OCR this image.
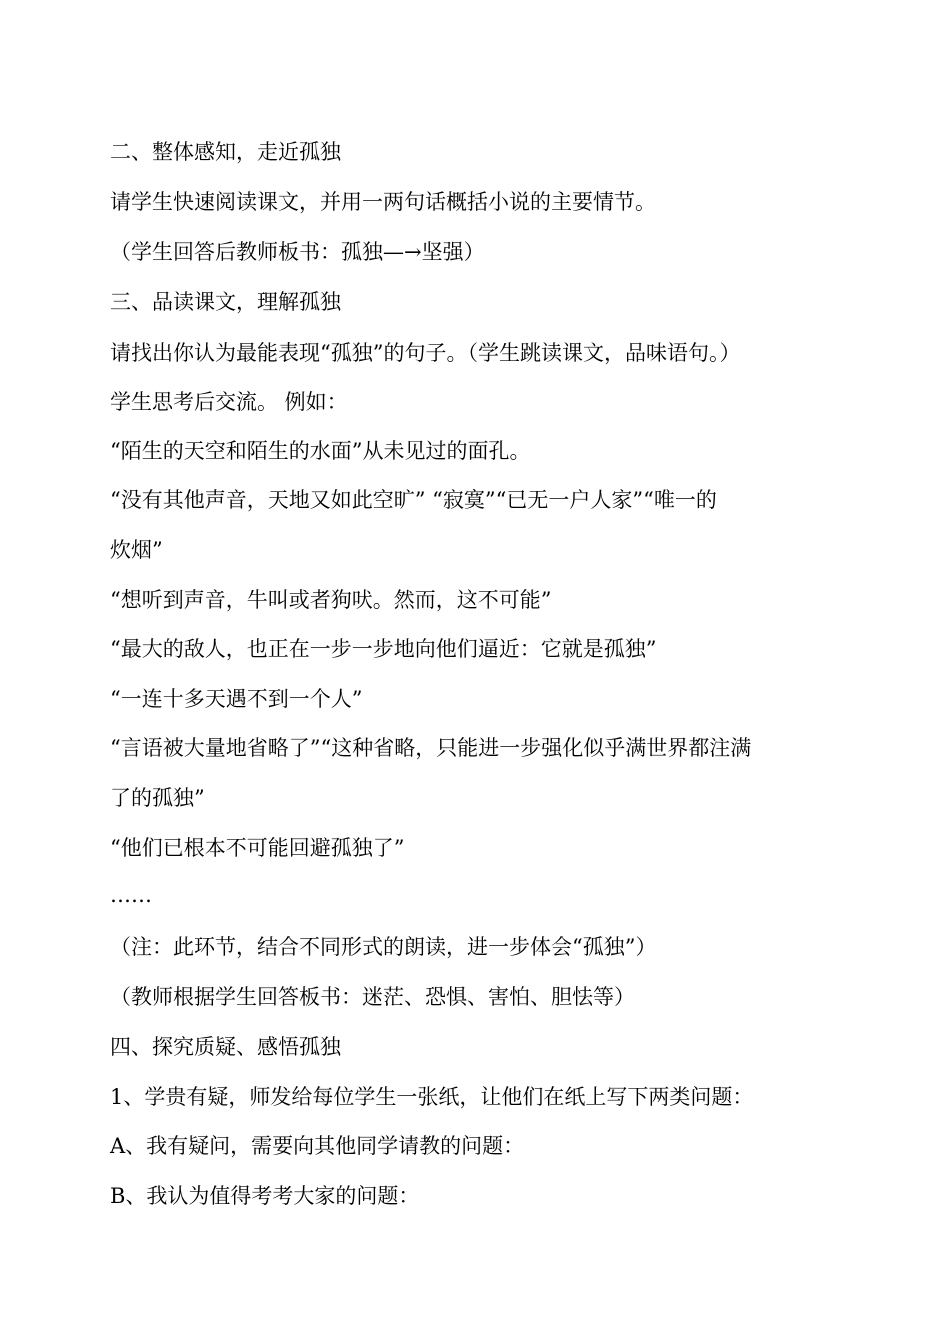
二、整体感知，走近孤独
请学生快速阅读课文，并用一两句话概括小说的主要情节。
（学生回答后教师板书：孤独—→坚强）
三、品读课文，理解孤独
请找出你认为最能表现“孤独”的句子。（学生跳读课文，品味语句。）
学生思考后交流。 例如：
“陌生的天空和陌生的水面”从未见过的面孔。
“没有其他声音，天地又如此空旷” “寂寞”“已无一户人家”“唯一的
炊烟”
“想听到声音，牛叫或者狗吠。然而，这不可能”
“最大的敌人，也正在一步一步地向他们逼近：它就是孤独”
“一连十多天遇不到一个人”
“言语被大量地省略了”“这种省略，只能进一步强化似乎满世界都注满
了的孤独”
“他们已根本不可能回避孤独了”
……
（注：此环节，结合不同形式的朗读，进一步体会“孤独”）
（教师根据学生回答板书：迷茫、恐惧、害怕、胆怯等）
四、探究质疑、感悟孤独
1、学贵有疑，师发给每位学生一张纸，让他们在纸上写下两类问题：
A、我有疑问，需要向其他同学请教的问题：
B、我认为值得考考大家的问题：
